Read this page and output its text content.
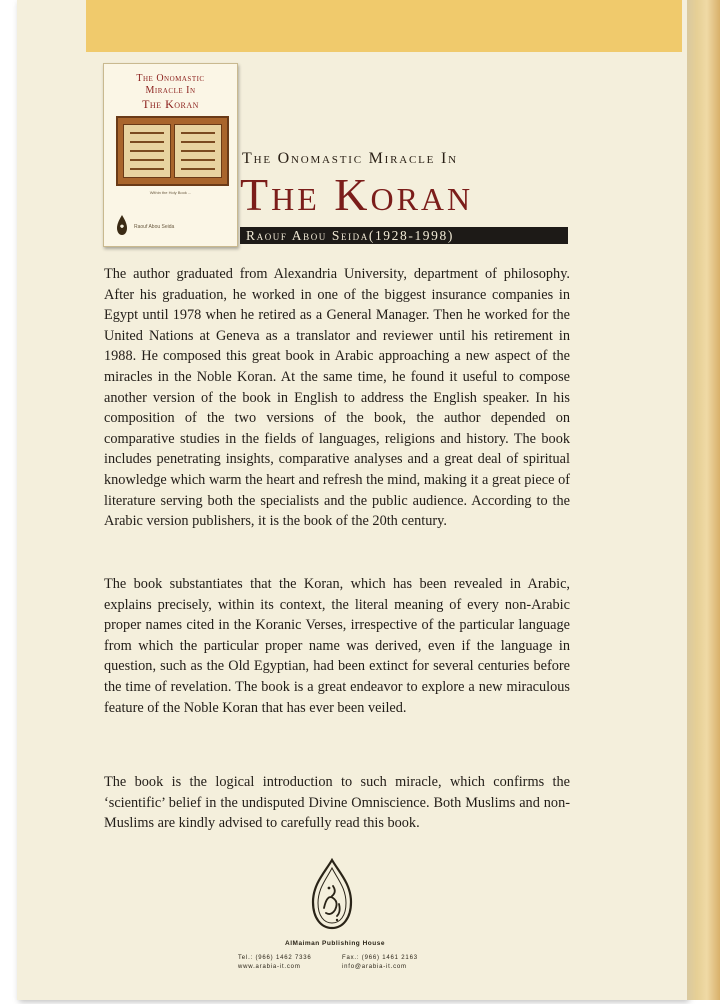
The Onomastic
Miracle In
The Koran
Within the Holy Book ...
Raouf Abou Seida
The Onomastic Miracle In
The Koran
Raouf Abou Seida(1928-1998)

The author graduated from Alexandria University, department of philosophy. After his graduation, he worked in one of the biggest insurance companies in Egypt until 1978 when he retired as a General Manager. Then he worked for the United Nations at Geneva as a translator and reviewer until his retirement in 1988. He composed this great book in Arabic approaching a new aspect of the miracles in the Noble Koran. At the same time, he found it useful to compose another version of the book in English to address the English speaker. In his composition of the two versions of the book, the author depended on comparative studies in the fields of languages, religions and history. The book includes penetrating insights, comparative analyses and a great deal of spiritual knowledge which warm the heart and refresh the mind, making it a great piece of literature serving both the specialists and the public audience. According to the Arabic version publishers, it is the book of the 20th century.

The book substantiates that the Koran, which has been revealed in Arabic, explains precisely, within its context, the literal meaning of every non-Arabic proper names cited in the Koranic Verses, irrespective of the particular language from which the particular proper name was derived, even if the language in question, such as the Old Egyptian, had been extinct for several centuries before the time of revelation. The book is a great endeavor to explore a new miraculous feature of the Noble Koran that has ever been veiled.

The book is the logical introduction to such miracle, which confirms the ‘scientific’ belief in the undisputed Divine Omniscience. Both Muslims and non-Muslims are kindly advised to carefully read this book.

AlMaiman Publishing House
Tel.: (966) 1462 7336
www.arabia-it.com
Fax.: (966) 1461 2163
info@arabia-it.com
